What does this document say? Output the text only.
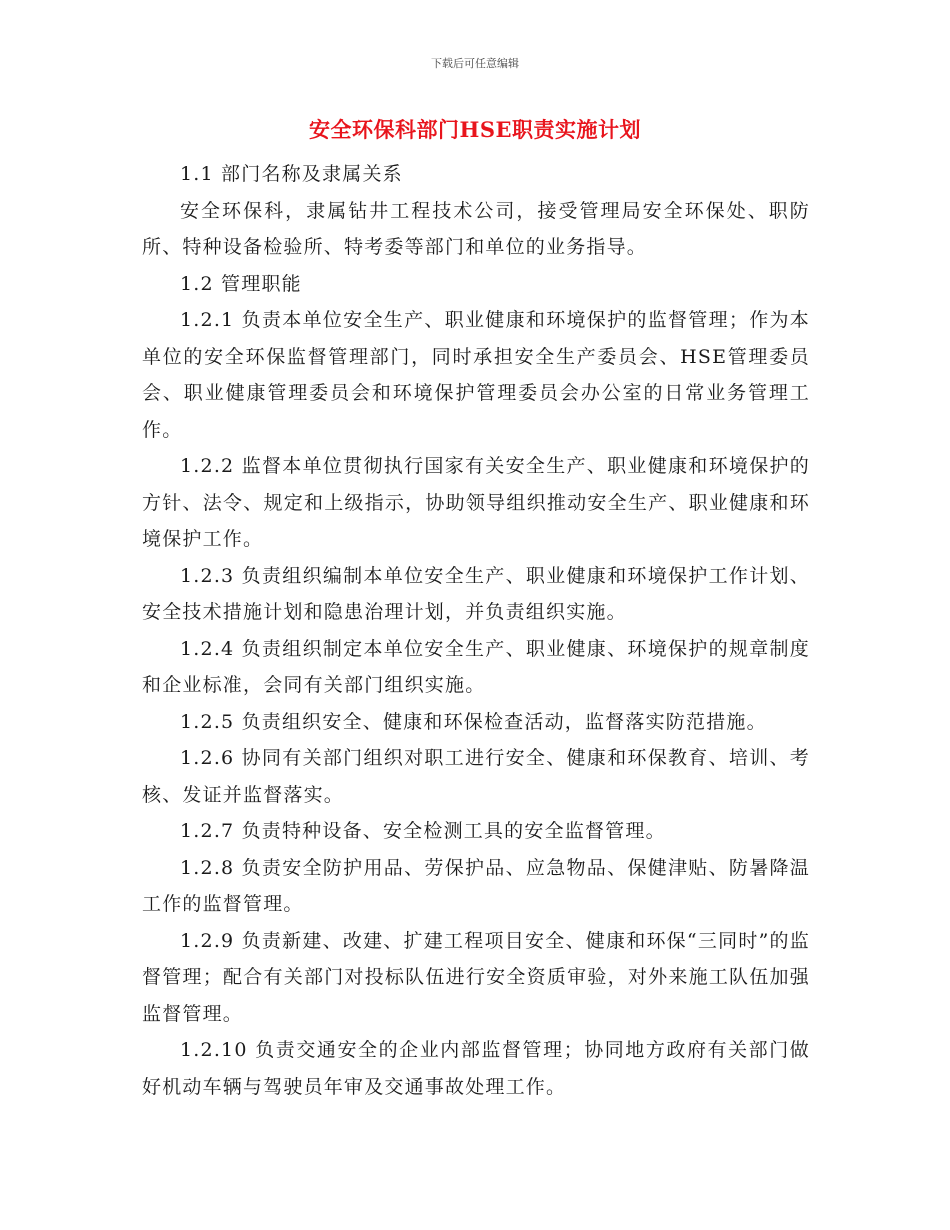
下载后可任意编辑
安全环保科部门HSE职责实施计划

1.1 部门名称及隶属关系

安全环保科，隶属钻井工程技术公司，接受管理局安全环保处、职防所、特种设备检验所、特考委等部门和单位的业务指导。

1.2 管理职能

1.2.1 负责本单位安全生产、职业健康和环境保护的监督管理；作为本单位的安全环保监督管理部门，同时承担安全生产委员会、HSE管理委员会、职业健康管理委员会和环境保护管理委员会办公室的日常业务管理工作。

1.2.2 监督本单位贯彻执行国家有关安全生产、职业健康和环境保护的方针、法令、规定和上级指示，协助领导组织推动安全生产、职业健康和环境保护工作。

1.2.3 负责组织编制本单位安全生产、职业健康和环境保护工作计划、安全技术措施计划和隐患治理计划，并负责组织实施。

1.2.4 负责组织制定本单位安全生产、职业健康、环境保护的规章制度和企业标准，会同有关部门组织实施。

1.2.5 负责组织安全、健康和环保检查活动，监督落实防范措施。

1.2.6 协同有关部门组织对职工进行安全、健康和环保教育、培训、考核、发证并监督落实。

1.2.7 负责特种设备、安全检测工具的安全监督管理。

1.2.8 负责安全防护用品、劳保护品、应急物品、保健津贴、防暑降温工作的监督管理。

1.2.9 负责新建、改建、扩建工程项目安全、健康和环保“三同时”的监督管理；配合有关部门对投标队伍进行安全资质审验，对外来施工队伍加强监督管理。

1.2.10 负责交通安全的企业内部监督管理；协同地方政府有关部门做好机动车辆与驾驶员年审及交通事故处理工作。
